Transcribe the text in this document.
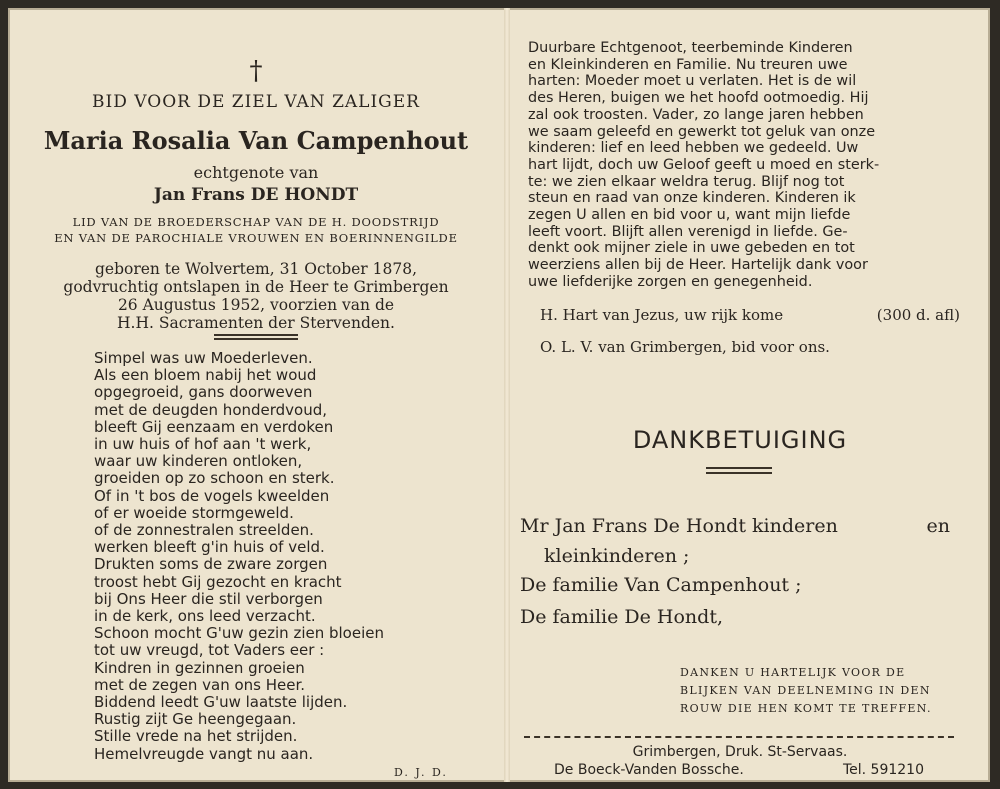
†
BID VOOR DE ZIEL VAN ZALIGER
Maria Rosalia Van Campenhout
echtgenote van
Jan Frans DE HONDT
LID VAN DE BROEDERSCHAP VAN DE H. DOODSTRIJD
EN VAN DE PAROCHIALE VROUWEN EN BOERINNENGILDE
geboren te Wolvertem, 31 October 1878,
godvruchtig ontslapen in de Heer te Grimbergen
26 Augustus 1952, voorzien van de
H.H. Sacramenten der Stervenden.
Simpel was uw Moederleven.
Als een bloem nabij het woud
opgegroeid, gans doorweven
met de deugden honderdvoud,
bleeft Gij eenzaam en verdoken
in uw huis of hof aan 't werk,
waar uw kinderen ontloken,
groeiden op zo schoon en sterk.
Of in 't bos de vogels kweelden
of er woeide stormgeweld.
of de zonnestralen streelden.
werken bleeft g'in huis of veld.
Drukten soms de zware zorgen
troost hebt Gij gezocht en kracht
bij Ons Heer die stil verborgen
in de kerk, ons leed verzacht.
Schoon mocht G'uw gezin zien bloeien
tot uw vreugd, tot Vaders eer :
Kindren in gezinnen groeien
met de zegen van ons Heer.
Biddend leedt G'uw laatste lijden.
Rustig zijt Ge heengegaan.
Stille vrede na het strijden.
Hemelvreugde vangt nu aan.
D. J. D.
Duurbare Echtgenoot, teerbeminde Kinderen
en Kleinkinderen en Familie. Nu treuren uwe
harten: Moeder moet u verlaten. Het is de wil
des Heren, buigen we het hoofd ootmoedig. Hij
zal ook troosten. Vader, zo lange jaren hebben
we saam geleefd en gewerkt tot geluk van onze
kinderen: lief en leed hebben we gedeeld. Uw
hart lijdt, doch uw Geloof geeft u moed en sterk-
te: we zien elkaar weldra terug. Blijf nog tot
steun en raad van onze kinderen. Kinderen ik
zegen U allen en bid voor u, want mijn liefde
leeft voort. Blijft allen verenigd in liefde. Ge-
denkt ook mijner ziele in uwe gebeden en tot
weerziens allen bij de Heer. Hartelijk dank voor
uwe liefderijke zorgen en genegenheid.
H. Hart van Jezus, uw rijk kome	(300 d. afl)
O. L. V. van Grimbergen, bid voor ons.
DANKBETUIGING
Mr Jan Frans De Hondt kinderen	en
kleinkinderen ;
De familie Van Campenhout ;
De familie De Hondt,
DANKEN U HARTELIJK VOOR DE
BLIJKEN VAN DEELNEMING IN DEN
ROUW DIE HEN KOMT TE TREFFEN.
Grimbergen, Druk. St-Servaas.
De Boeck-Vanden Bossche.	Tel. 591210
